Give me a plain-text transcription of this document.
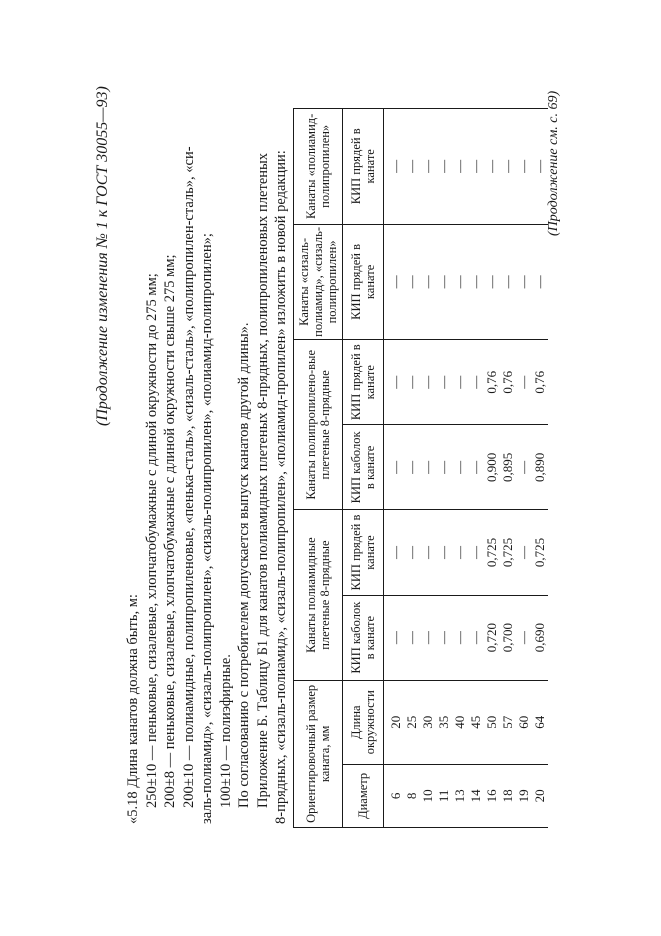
(Продолжение изменения № 1 к ГОСТ 30055—93)

«5.18 Длина канатов должна быть, м: 250±10 — пеньковые, сизалевые, хлопчатобумажные с длиной окружности до 275 мм; 200±8 — пеньковые, сизалевые, хлопчатобумажные с длиной окружности свыше 275 мм; 200±10 — полиамидные, полипропиленовые, «пенька-сталь», «сизаль-сталь», «полипропилен-сталь», «си- заль-полиамид», «сизаль-полипропилен», «сизаль-полипропилен», «полиамид-полипропилен»; 100±10 — полиэфирные. По согласованию с потребителем допускается выпуск канатов другой длины». Приложение Б. Таблицу Б1 для канатов полиамидных плетеных 8-прядных, полипропиленовых плетеных 8-прядных, «сизаль-полиамид», «сизаль-полипропилен», «полиамид-пропилен» изложить в новой редакции: Ориентировочный размер каната, мм		Канаты полиамидные плетеные 8-прядные		Канаты полипропилено-вые плетеные 8-прядные		Канаты «сизаль-полиамид», «сизаль-полипропилен»	Канаты «полиамид-полипропилен»
Диаметр	Длина окружности	КИП каболок в канате	КИП прядей в канате	КИП каболок в канате	КИП прядей в канате	КИП прядей в канате	КИП прядей в канате
6	20	—	—	—	—	—	—
8	25	—	—	—	—	—	—
10	30	—	—	—	—	—	—
11	35	—	—	—	—	—	—
13	40	—	—	—	—	—	—
14	45	—	—	—	—	—	—
16	50	0,720	0,725	0,900	0,76	—	—
18	57	0,700	0,725	0,895	0,76	—	—
19	60	—	—	—	—	—	—
20	64	0,690	0,725	0,890	0,76	—	— (Продолжение см. с. 69)
